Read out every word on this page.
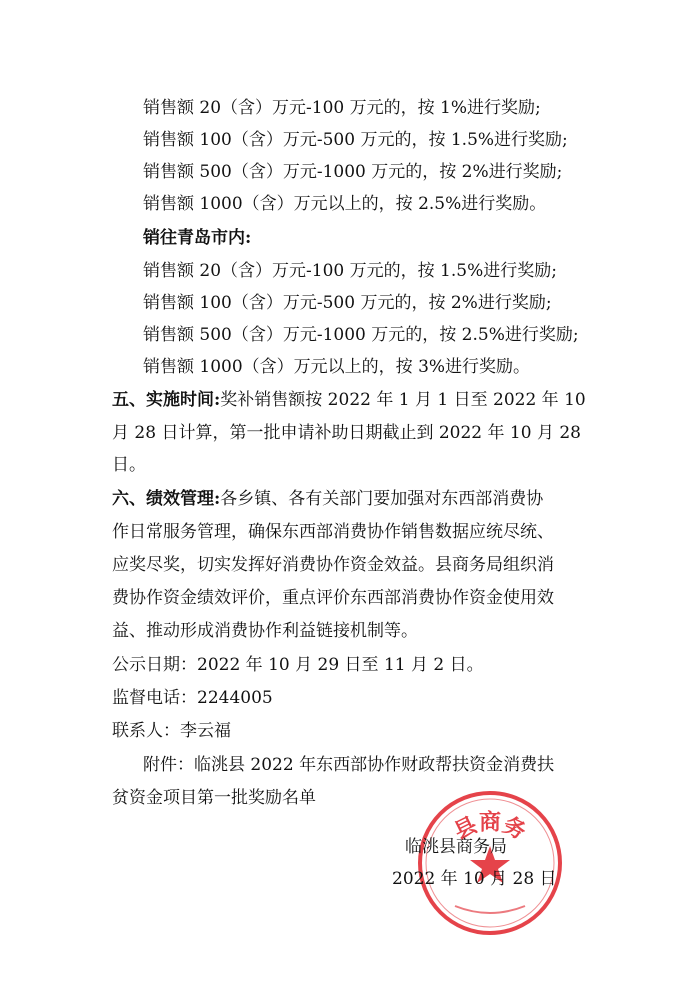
销售额 20（含）万元-100 万元的，按 1%进行奖励;
销售额 100（含）万元-500 万元的，按 1.5%进行奖励;
销售额 500（含）万元-1000 万元的，按 2%进行奖励;
销售额 1000（含）万元以上的，按 2.5%进行奖励。
销往青岛市内:
销售额 20（含）万元-100 万元的，按 1.5%进行奖励;
销售额 100（含）万元-500 万元的，按 2%进行奖励;
销售额 500（含）万元-1000 万元的，按 2.5%进行奖励;
销售额 1000（含）万元以上的，按 3%进行奖励。
五、实施时间:奖补销售额按 2022 年 1 月 1 日至 2022 年 10
月 28 日计算，第一批申请补助日期截止到 2022 年 10 月 28
日。
六、绩效管理:各乡镇、各有关部门要加强对东西部消费协
作日常服务管理，确保东西部消费协作销售数据应统尽统、
应奖尽奖，切实发挥好消费协作资金效益。县商务局组织消
费协作资金绩效评价，重点评价东西部消费协作资金使用效
益、推动形成消费协作利益链接机制等。
公示日期：2022 年 10 月 29 日至 11 月 2 日。
监督电话：2244005
联系人：李云福
附件：临洮县 2022 年东西部协作财政帮扶资金消费扶
贫资金项目第一批奖励名单
县商务
临洮县商务局
2022 年 10 月 28 日
